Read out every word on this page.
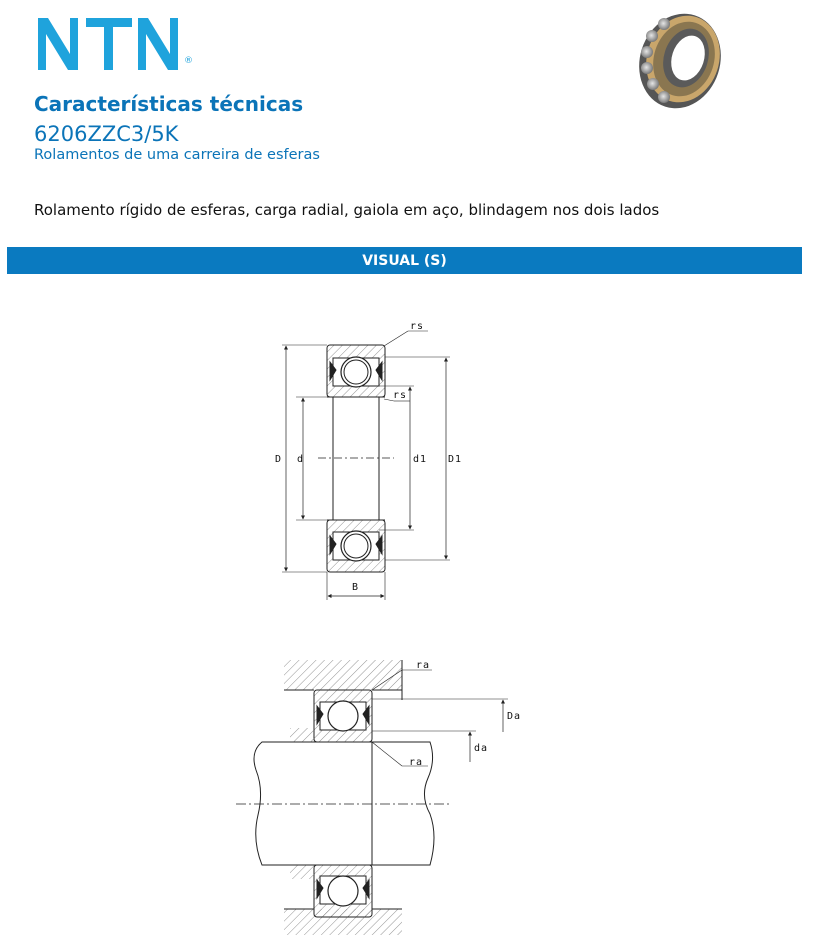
®
Características técnicas
6206ZZC3/5K
Rolamentos de uma carreira de esferas

Rolamento rígido de esferas, carga radial, gaiola em aço, blindagem nos dois lados

VISUAL (S)
rs
rs
D d	d1 D1
B
ra
Da
da
ra
